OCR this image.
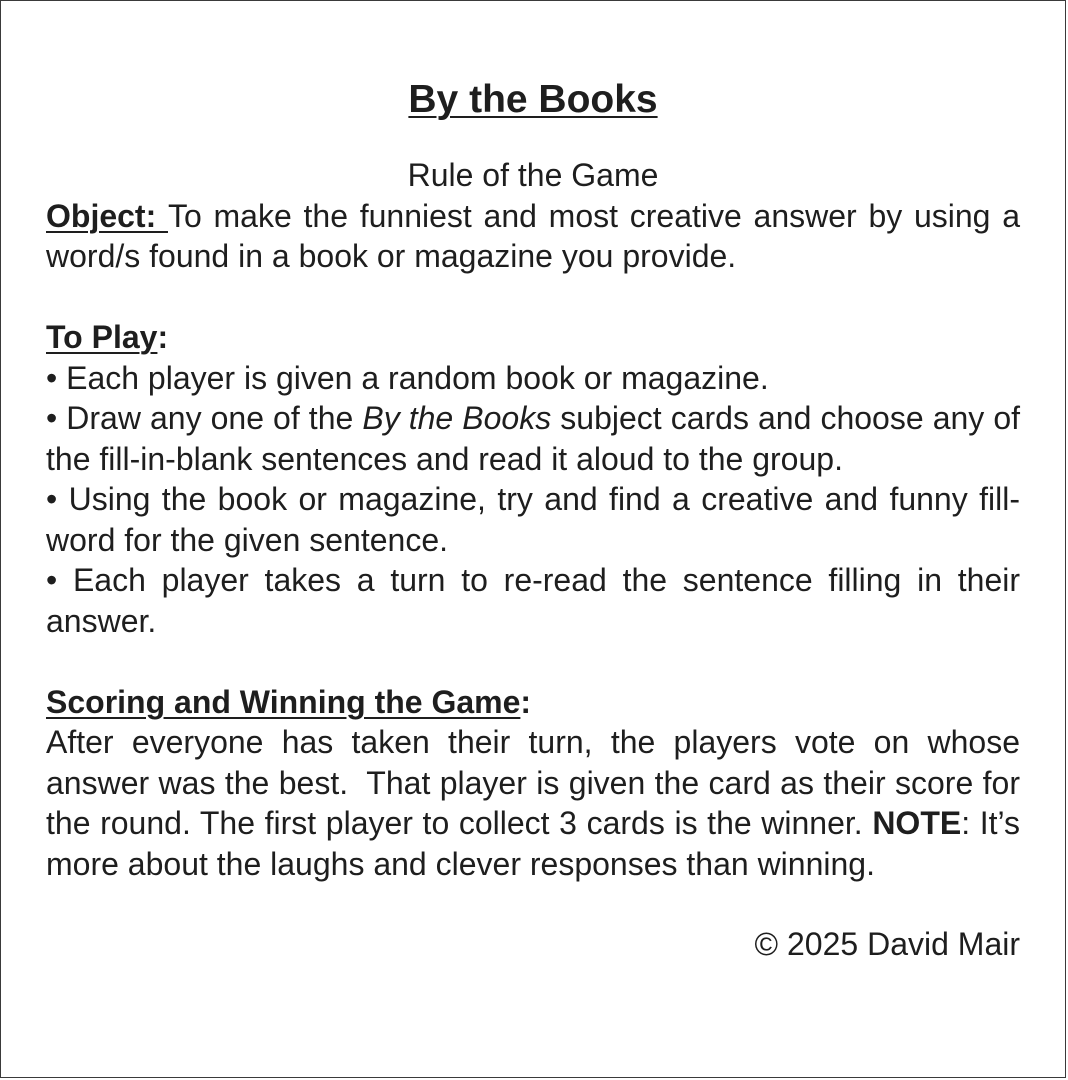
By the Books

Rule of the Game

Object: To make the funniest and most creative answer by using a word/s found in a book or magazine you provide.

To Play:

• Each player is given a random book or magazine.

• Draw any one of the By the Books subject cards and choose any of the fill-in-blank sentences and read it aloud to the group.

• Using the book or magazine, try and find a creative and funny fill-word for the given sentence.

• Each player takes a turn to re-read the sentence filling in their answer.

Scoring and Winning the Game:

After everyone has taken their turn, the players vote on whose answer was the best.  That player is given the card as their score for the round. The first player to collect 3 cards is the winner. NOTE: It’s more about the laughs and clever responses than winning.

© 2025 David Mair
